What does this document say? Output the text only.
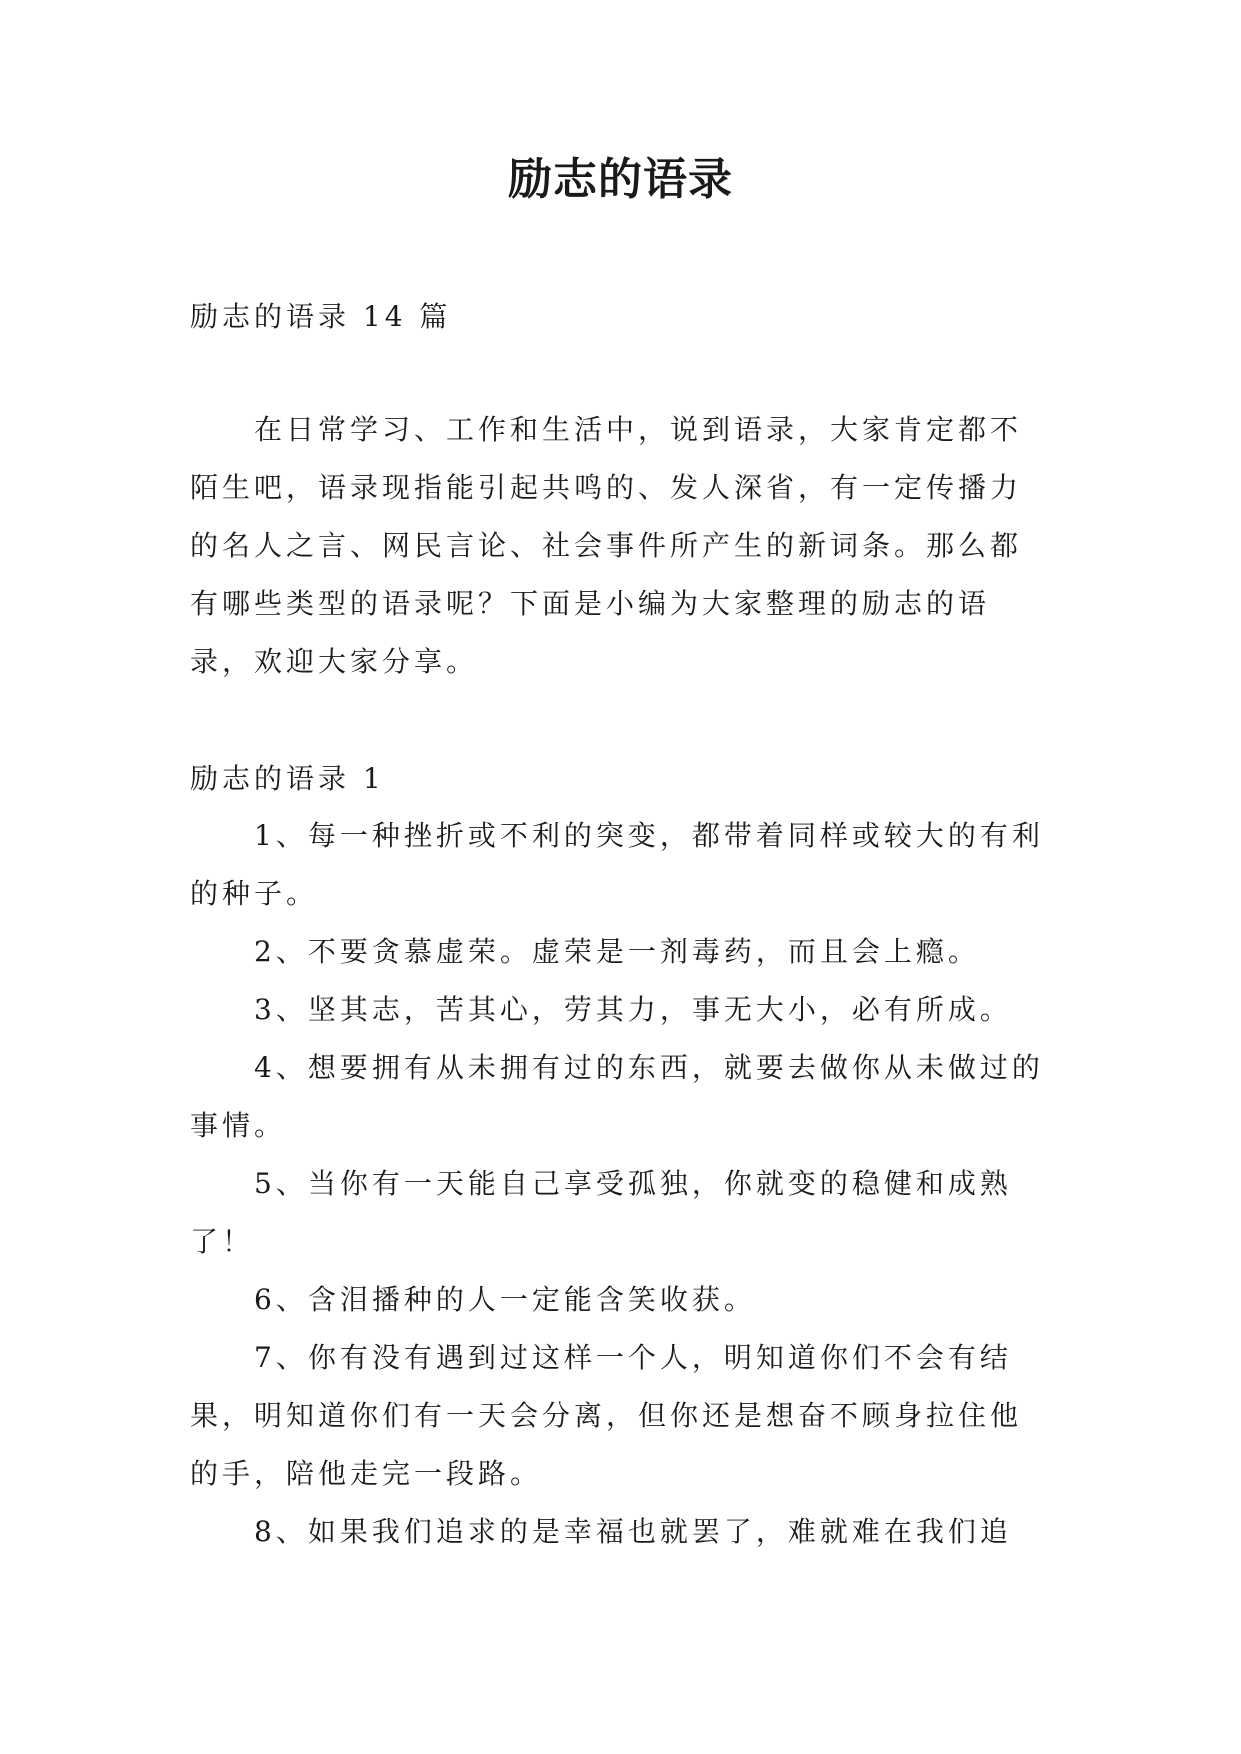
励志的语录
励志的语录 14 篇
在日常学习、工作和生活中，说到语录，大家肯定都不陌生吧，语录现指能引起共鸣的、发人深省，有一定传播力的名人之言、网民言论、社会事件所产生的新词条。那么都有哪些类型的语录呢？下面是小编为大家整理的励志的语录，欢迎大家分享。
励志的语录 1

1、每一种挫折或不利的突变，都带着同样或较大的有利的种子。

2、不要贪慕虚荣。虚荣是一剂毒药，而且会上瘾。

3、坚其志，苦其心，劳其力，事无大小，必有所成。

4、想要拥有从未拥有过的东西，就要去做你从未做过的事情。

5、当你有一天能自己享受孤独，你就变的稳健和成熟了！

6、含泪播种的人一定能含笑收获。

7、你有没有遇到过这样一个人，明知道你们不会有结果，明知道你们有一天会分离，但你还是想奋不顾身拉住他的手，陪他走完一段路。

8、如果我们追求的是幸福也就罢了，难就难在我们追
